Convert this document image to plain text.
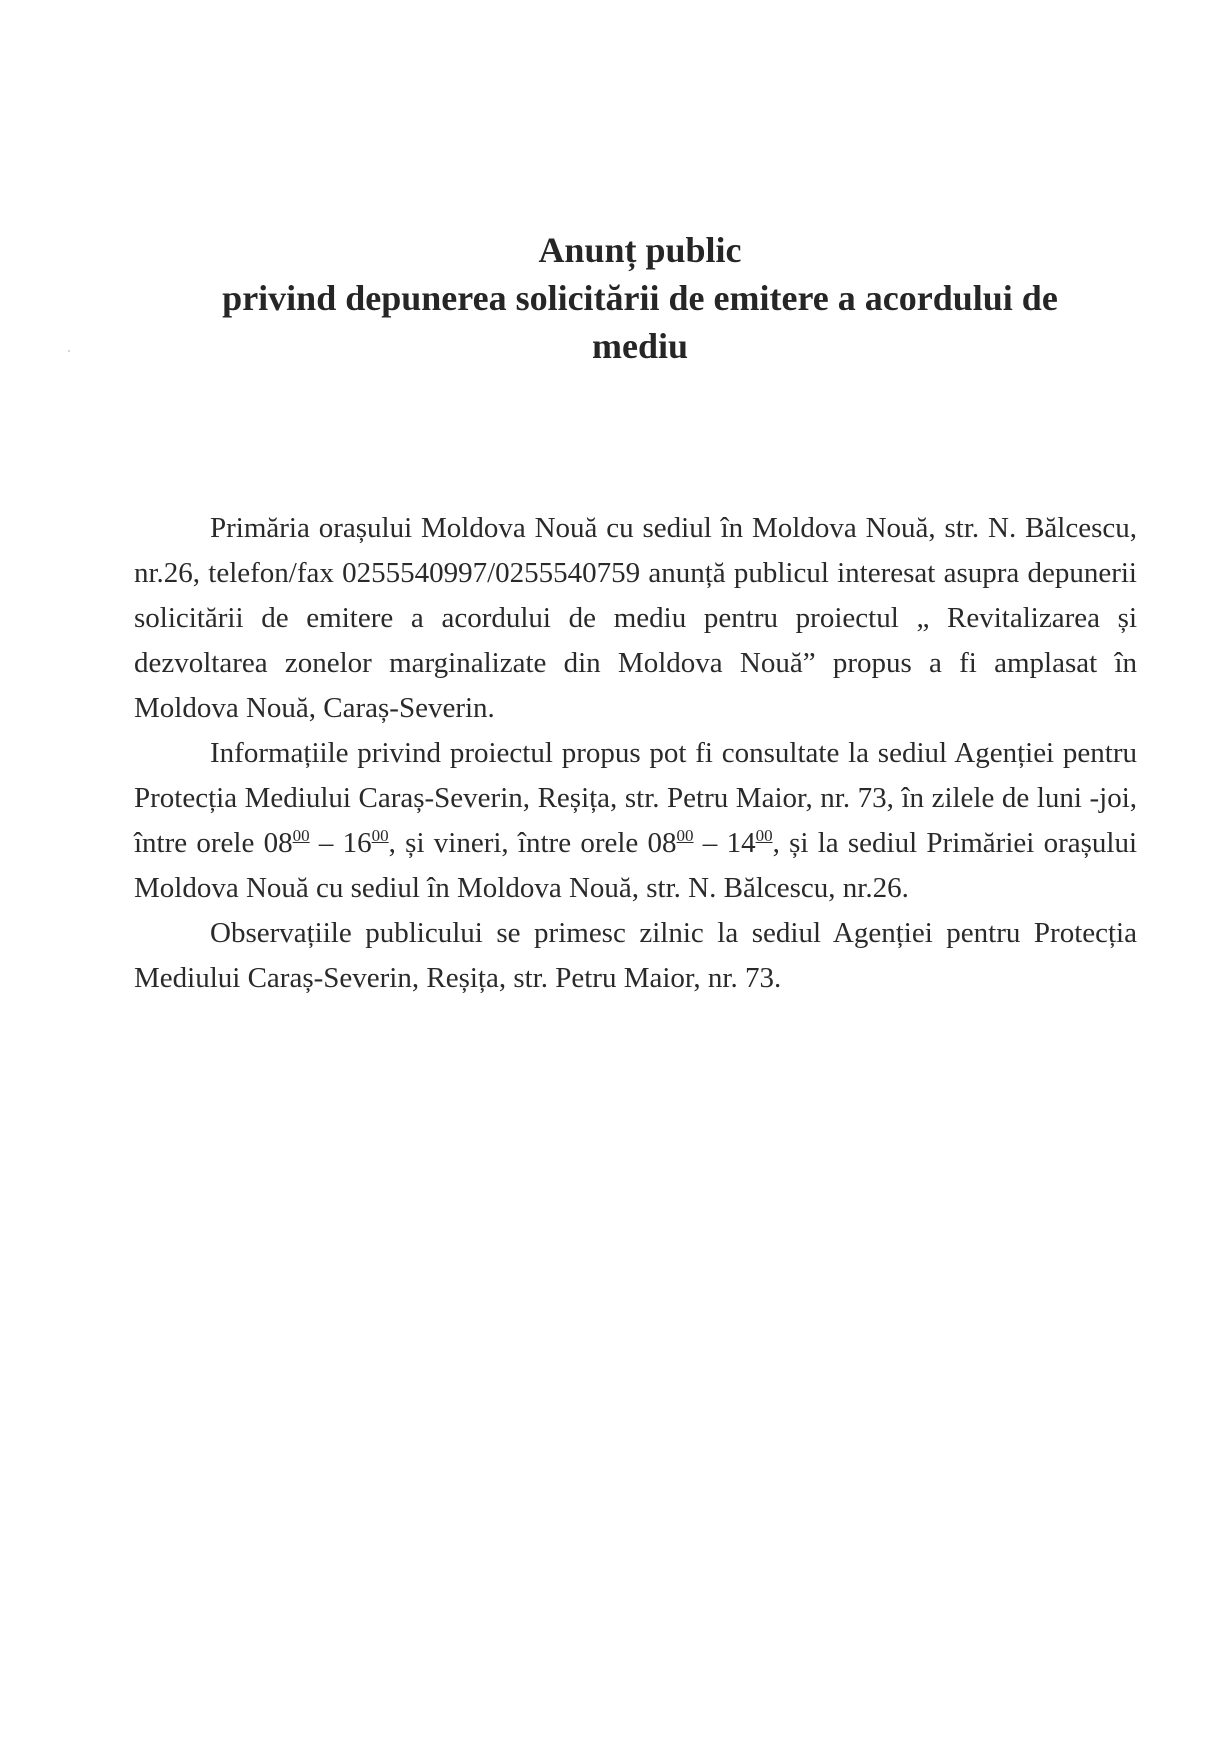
Anunț public
privind depunerea solicitării de emitere a acordului de
mediu

Primăria orașului Moldova Nouă cu sediul în Moldova Nouă, str. N. Bălcescu, nr.26, telefon/fax 0255540997/0255540759 anunță publicul interesat asupra depunerii solicitării de emitere a acordului de mediu pentru proiectul „ Revitalizarea și dezvoltarea zonelor marginalizate din Moldova Nouă” propus a fi amplasat în Moldova Nouă, Caraș-Severin.

Informațiile privind proiectul propus pot fi consultate la sediul Agenției pentru Protecția Mediului Caraș-Severin, Reșița, str. Petru Maior, nr. 73, în zilele de luni -joi, între orele $08^{00} - 16^{00}$, și vineri, între orele $08^{00} - 14^{00}$, și la sediul Primăriei orașului Moldova Nouă cu sediul în Moldova Nouă, str. N. Bălcescu, nr.26.

Observațiile publicului se primesc zilnic la sediul Agenției pentru Protecția Mediului Caraș-Severin, Reșița, str. Petru Maior, nr. 73.
